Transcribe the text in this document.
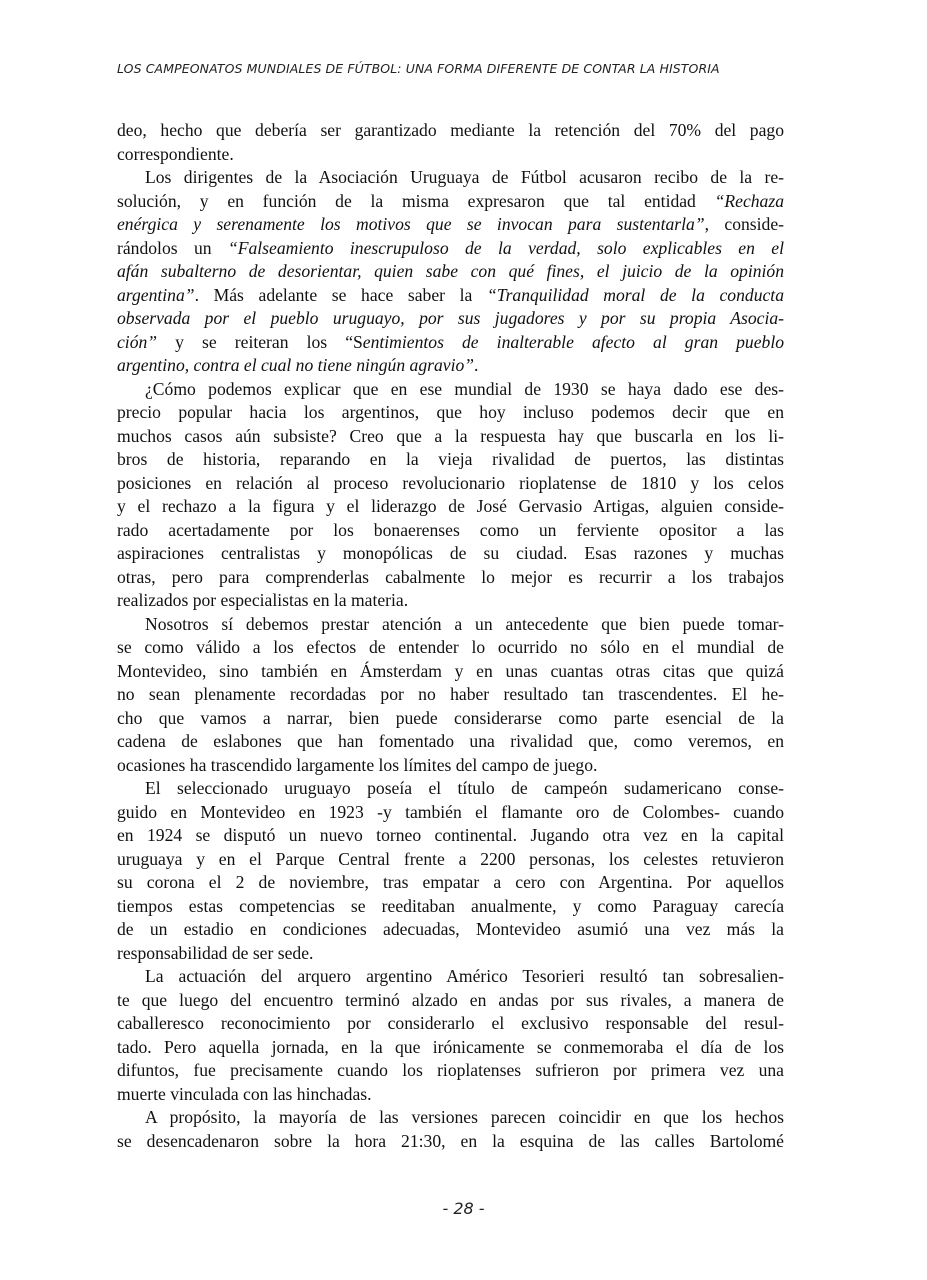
LOS CAMPEONATOS MUNDIALES DE FÚTBOL: UNA FORMA DIFERENTE DE CONTAR LA HISTORIA
deo, hecho que debería ser garantizado mediante la retención del 70% del pago
correspondiente.
Los dirigentes de la Asociación Uruguaya de Fútbol acusaron recibo de la re-
solución, y en función de la misma expresaron que tal entidad “Rechaza
enérgica y serenamente los motivos que se invocan para sustentarla”, conside-
rándolos un “Falseamiento inescrupuloso de la verdad, solo explicables en el
afán subalterno de desorientar, quien sabe con qué fines, el juicio de la opinión
argentina”. Más adelante se hace saber la “Tranquilidad moral de la conducta
observada por el pueblo uruguayo, por sus jugadores y por su propia Asocia-
ción” y se reiteran los “Sentimientos de inalterable afecto al gran pueblo
argentino, contra el cual no tiene ningún agravio”.
¿Cómo podemos explicar que en ese mundial de 1930 se haya dado ese des-
precio popular hacia los argentinos, que hoy incluso podemos decir que en
muchos casos aún subsiste? Creo que a la respuesta hay que buscarla en los li-
bros de historia, reparando en la vieja rivalidad de puertos, las distintas
posiciones en relación al proceso revolucionario rioplatense de 1810 y los celos
y el rechazo a la figura y el liderazgo de José Gervasio Artigas, alguien conside-
rado acertadamente por los bonaerenses como un ferviente opositor a las
aspiraciones centralistas y monopólicas de su ciudad. Esas razones y muchas
otras, pero para comprenderlas cabalmente lo mejor es recurrir a los trabajos
realizados por especialistas en la materia.
Nosotros sí debemos prestar atención a un antecedente que bien puede tomar-
se como válido a los efectos de entender lo ocurrido no sólo en el mundial de
Montevideo, sino también en Ámsterdam y en unas cuantas otras citas que quizá
no sean plenamente recordadas por no haber resultado tan trascendentes. El he-
cho que vamos a narrar, bien puede considerarse como parte esencial de la
cadena de eslabones que han fomentado una rivalidad que, como veremos, en
ocasiones ha trascendido largamente los límites del campo de juego.
El seleccionado uruguayo poseía el título de campeón sudamericano conse-
guido en Montevideo en 1923 -y también el flamante oro de Colombes- cuando
en 1924 se disputó un nuevo torneo continental. Jugando otra vez en la capital
uruguaya y en el Parque Central frente a 2200 personas, los celestes retuvieron
su corona el 2 de noviembre, tras empatar a cero con Argentina. Por aquellos
tiempos estas competencias se reeditaban anualmente, y como Paraguay carecía
de un estadio en condiciones adecuadas, Montevideo asumió una vez más la
responsabilidad de ser sede.
La actuación del arquero argentino Américo Tesorieri resultó tan sobresalien-
te que luego del encuentro terminó alzado en andas por sus rivales, a manera de
caballeresco reconocimiento por considerarlo el exclusivo responsable del resul-
tado. Pero aquella jornada, en la que irónicamente se conmemoraba el día de los
difuntos, fue precisamente cuando los rioplatenses sufrieron por primera vez una
muerte vinculada con las hinchadas.
A propósito, la mayoría de las versiones parecen coincidir en que los hechos
se desencadenaron sobre la hora 21:30, en la esquina de las calles Bartolomé
- 28 -
